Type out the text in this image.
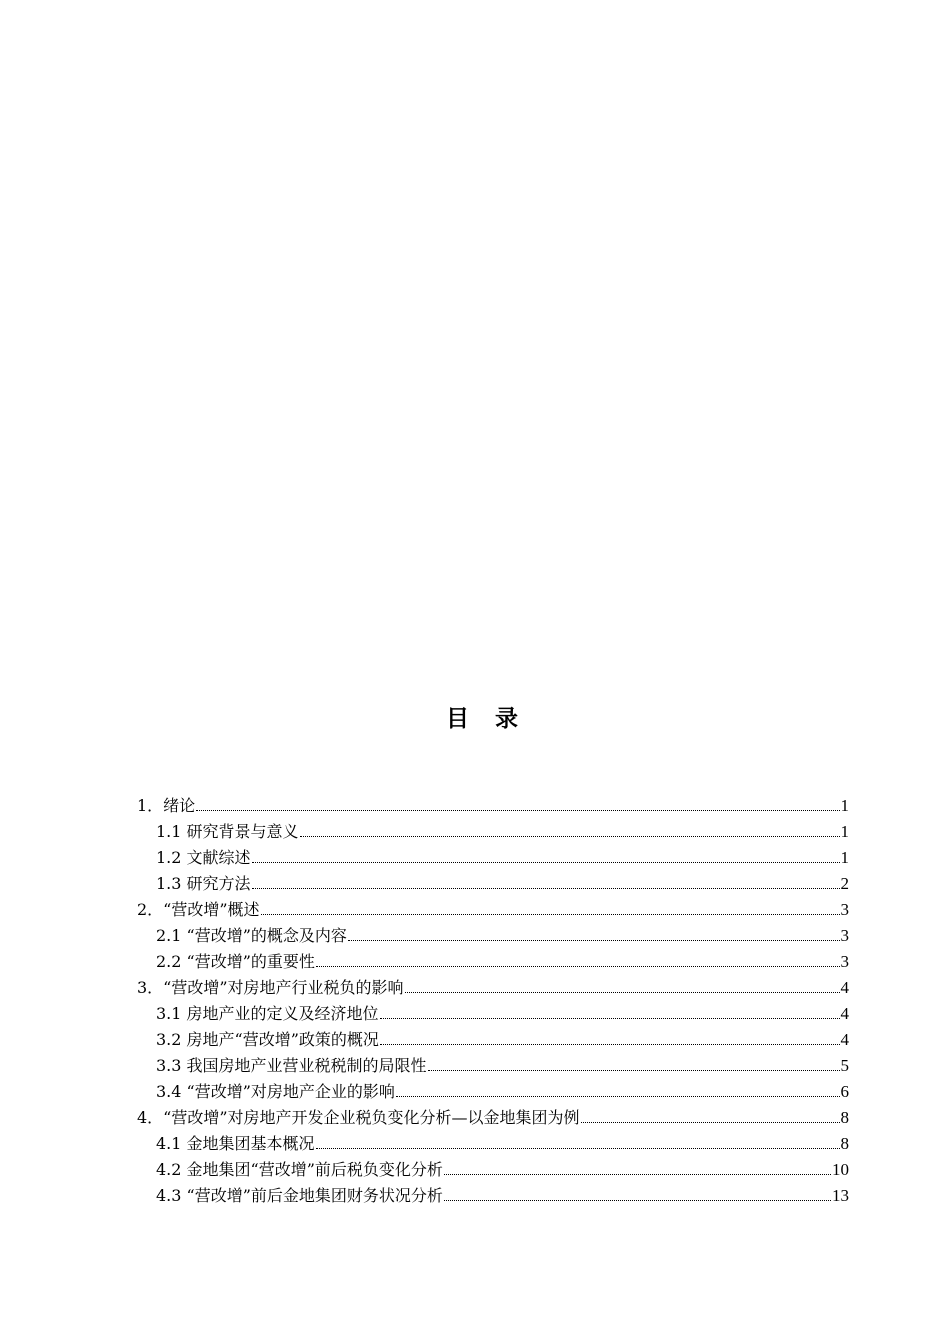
目录
1．绪论	1
1.1 研究背景与意义	1
1.2 文献综述	1
1.3 研究方法	2
2．“营改增”概述	3
2.1 “营改增”的概念及内容	3
2.2 “营改增”的重要性	3
3．“营改增”对房地产行业税负的影响	4
3.1 房地产业的定义及经济地位	4
3.2 房地产“营改增”政策的概况	4
3.3 我国房地产业营业税税制的局限性	5
3.4 “营改增”对房地产企业的影响	6
4．“营改增”对房地产开发企业税负变化分析—以金地集团为例	8
4.1 金地集团基本概况	8
4.2 金地集团“营改增”前后税负变化分析	10
4.3 “营改增”前后金地集团财务状况分析	13
